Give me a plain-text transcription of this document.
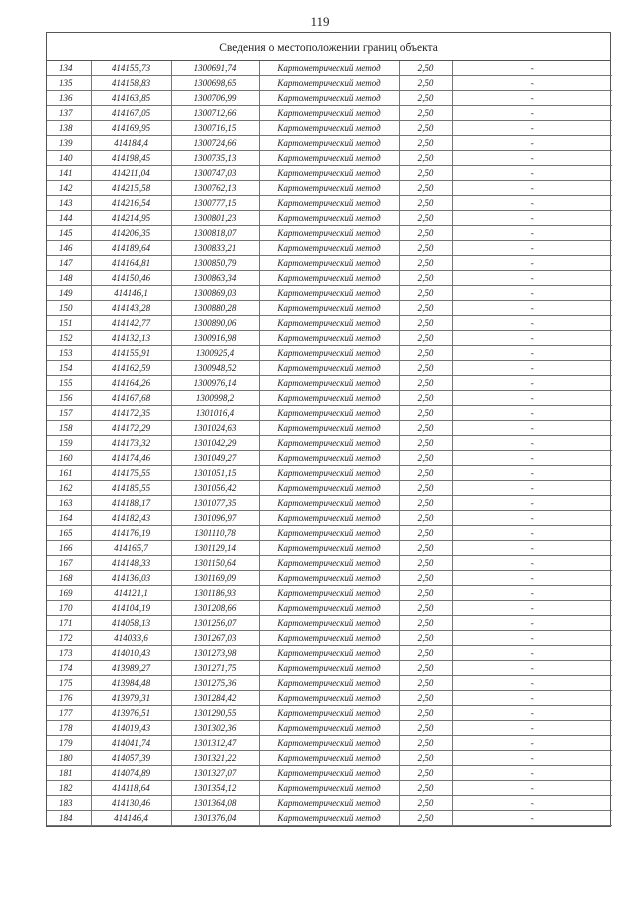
119
Сведения о местоположении границ объекта
134	414155,73	1300691,74	Картометрический метод	2,50	-
135	414158,83	1300698,65	Картометрический метод	2,50	-
136	414163,85	1300706,99	Картометрический метод	2,50	-
137	414167,05	1300712,66	Картометрический метод	2,50	-
138	414169,95	1300716,15	Картометрический метод	2,50	-
139	414184,4	1300724,66	Картометрический метод	2,50	-
140	414198,45	1300735,13	Картометрический метод	2,50	-
141	414211,04	1300747,03	Картометрический метод	2,50	-
142	414215,58	1300762,13	Картометрический метод	2,50	-
143	414216,54	1300777,15	Картометрический метод	2,50	-
144	414214,95	1300801,23	Картометрический метод	2,50	-
145	414206,35	1300818,07	Картометрический метод	2,50	-
146	414189,64	1300833,21	Картометрический метод	2,50	-
147	414164,81	1300850,79	Картометрический метод	2,50	-
148	414150,46	1300863,34	Картометрический метод	2,50	-
149	414146,1	1300869,03	Картометрический метод	2,50	-
150	414143,28	1300880,28	Картометрический метод	2,50	-
151	414142,77	1300890,06	Картометрический метод	2,50	-
152	414132,13	1300916,98	Картометрический метод	2,50	-
153	414155,91	1300925,4	Картометрический метод	2,50	-
154	414162,59	1300948,52	Картометрический метод	2,50	-
155	414164,26	1300976,14	Картометрический метод	2,50	-
156	414167,68	1300998,2	Картометрический метод	2,50	-
157	414172,35	1301016,4	Картометрический метод	2,50	-
158	414172,29	1301024,63	Картометрический метод	2,50	-
159	414173,32	1301042,29	Картометрический метод	2,50	-
160	414174,46	1301049,27	Картометрический метод	2,50	-
161	414175,55	1301051,15	Картометрический метод	2,50	-
162	414185,55	1301056,42	Картометрический метод	2,50	-
163	414188,17	1301077,35	Картометрический метод	2,50	-
164	414182,43	1301096,97	Картометрический метод	2,50	-
165	414176,19	1301110,78	Картометрический метод	2,50	-
166	414165,7	1301129,14	Картометрический метод	2,50	-
167	414148,33	1301150,64	Картометрический метод	2,50	-
168	414136,03	1301169,09	Картометрический метод	2,50	-
169	414121,1	1301186,93	Картометрический метод	2,50	-
170	414104,19	1301208,66	Картометрический метод	2,50	-
171	414058,13	1301256,07	Картометрический метод	2,50	-
172	414033,6	1301267,03	Картометрический метод	2,50	-
173	414010,43	1301273,98	Картометрический метод	2,50	-
174	413989,27	1301271,75	Картометрический метод	2,50	-
175	413984,48	1301275,36	Картометрический метод	2,50	-
176	413979,31	1301284,42	Картометрический метод	2,50	-
177	413976,51	1301290,55	Картометрический метод	2,50	-
178	414019,43	1301302,36	Картометрический метод	2,50	-
179	414041,74	1301312,47	Картометрический метод	2,50	-
180	414057,39	1301321,22	Картометрический метод	2,50	-
181	414074,89	1301327,07	Картометрический метод	2,50	-
182	414118,64	1301354,12	Картометрический метод	2,50	-
183	414130,46	1301364,08	Картометрический метод	2,50	-
184	414146,4	1301376,04	Картометрический метод	2,50	-
